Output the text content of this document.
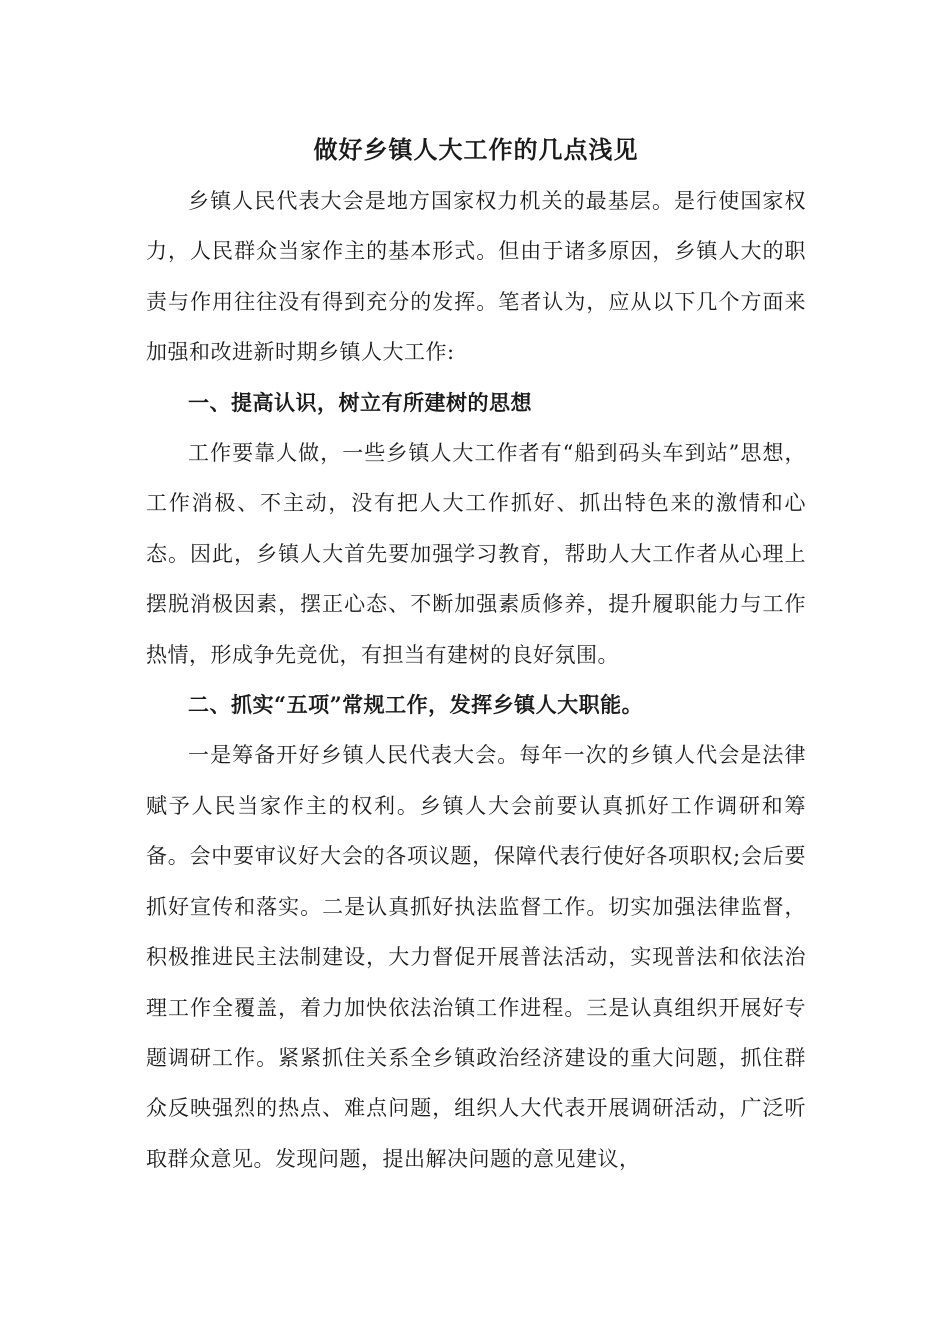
做好乡镇人大工作的几点浅见

乡镇人民代表大会是地方国家权力机关的最基层。是行使国家权力，人民群众当家作主的基本形式。但由于诸多原因，乡镇人大的职责与作用往往没有得到充分的发挥。笔者认为，应从以下几个方面来加强和改进新时期乡镇人大工作:

一、提高认识，树立有所建树的思想

工作要靠人做，一些乡镇人大工作者有“船到码头车到站”思想，工作消极、不主动，没有把人大工作抓好、抓出特色来的激情和心态。因此，乡镇人大首先要加强学习教育，帮助人大工作者从心理上摆脱消极因素，摆正心态、不断加强素质修养，提升履职能力与工作热情，形成争先竞优，有担当有建树的良好氛围。

二、抓实“五项”常规工作，发挥乡镇人大职能。

一是筹备开好乡镇人民代表大会。每年一次的乡镇人代会是法律赋予人民当家作主的权利。乡镇人大会前要认真抓好工作调研和筹备。会中要审议好大会的各项议题，保障代表行使好各项职权;会后要抓好宣传和落实。二是认真抓好执法监督工作。切实加强法律监督，积极推进民主法制建设，大力督促开展普法活动，实现普法和依法治理工作全覆盖，着力加快依法治镇工作进程。三是认真组织开展好专题调研工作。紧紧抓住关系全乡镇政治经济建设的重大问题，抓住群众反映强烈的热点、难点问题，组织人大代表开展调研活动，广泛听取群众意见。发现问题，提出解决问题的意见建议，
